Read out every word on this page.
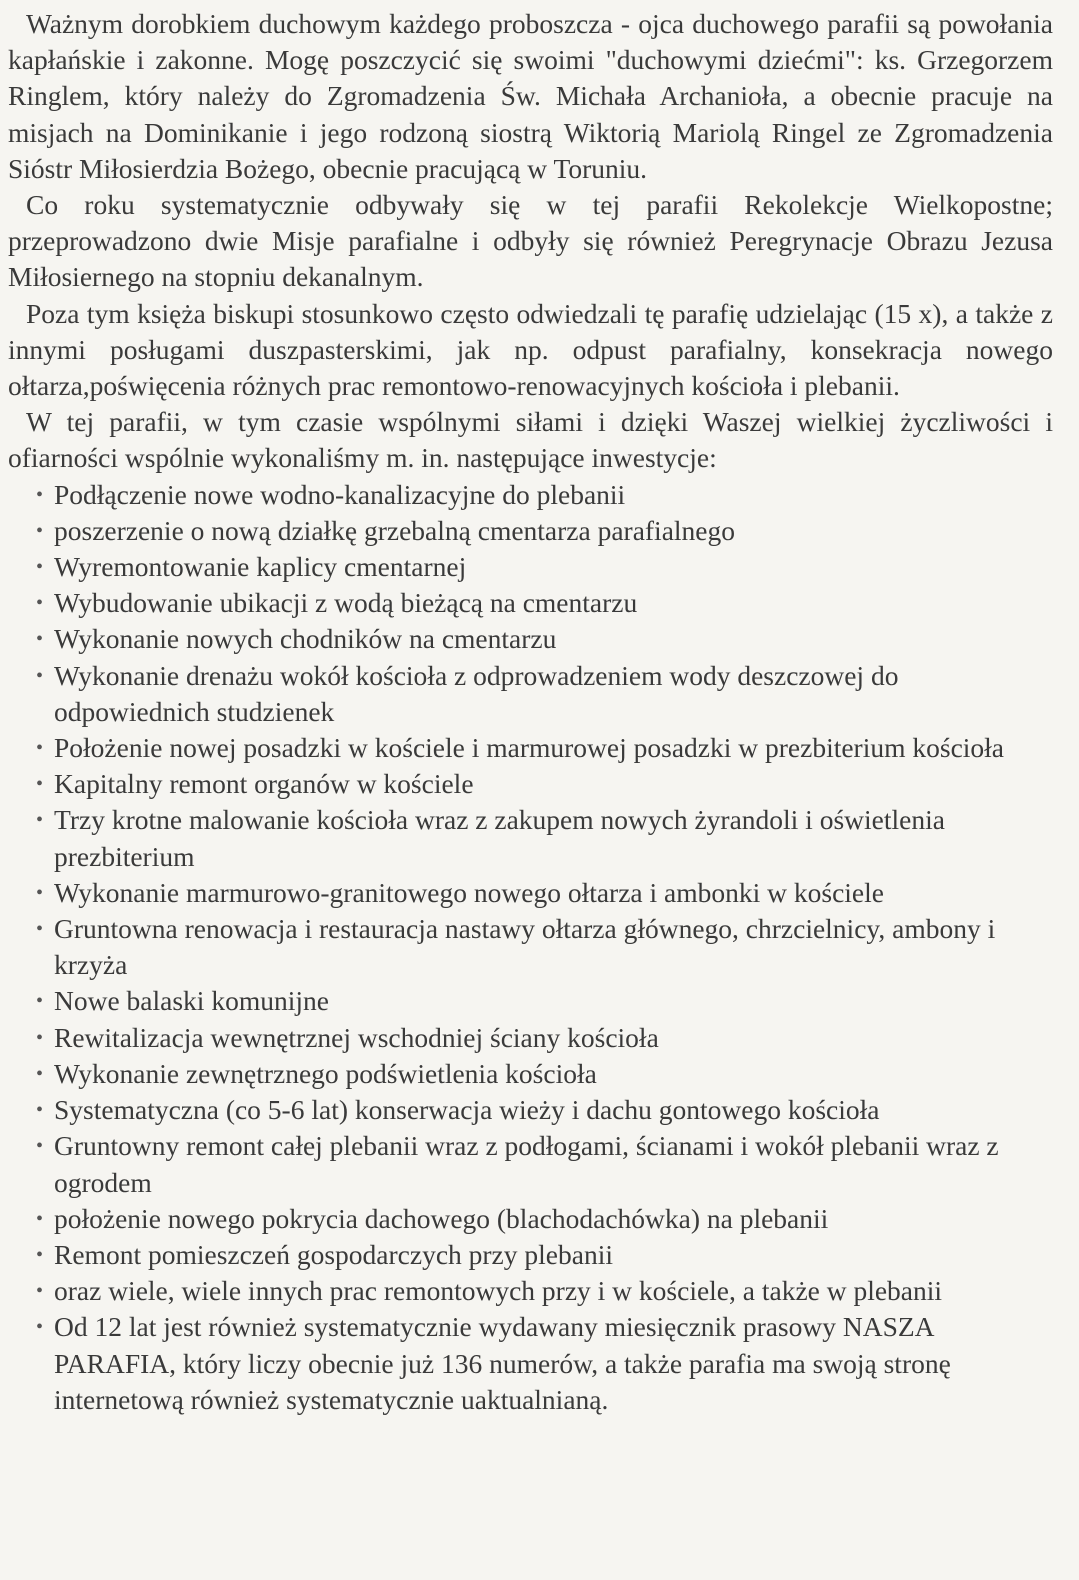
Ważnym dorobkiem duchowym każdego proboszcza - ojca duchowego parafii są powołania kapłańskie i zakonne. Mogę poszczycić się swoimi "duchowymi dziećmi": ks. Grzegorzem Ringlem, który należy do Zgromadzenia Św. Michała Archanioła, a obecnie pracuje na misjach na Dominikanie i jego rodzoną siostrą Wiktorią Mariolą Ringel ze Zgromadzenia Sióstr Miłosierdzia Bożego, obecnie pracującą w Toruniu.

Co roku systematycznie odbywały się w tej parafii Rekolekcje Wielkopostne; przeprowadzono dwie Misje parafialne i odbyły się również Peregrynacje Obrazu Jezusa Miłosiernego na stopniu dekanalnym.

Poza tym księża biskupi stosunkowo często odwiedzali tę parafię udzielając (15 x), a także z innymi posługami duszpasterskimi, jak np. odpust parafialny, konsekracja nowego ołtarza,poświęcenia różnych prac remontowo-renowacyjnych kościoła i plebanii.

W tej parafii, w tym czasie wspólnymi siłami i dzięki Waszej wielkiej życzliwości i ofiarności wspólnie wykonaliśmy m. in. następujące inwestycje:

• Podłączenie nowe wodno-kanalizacyjne do plebanii
• poszerzenie o nową działkę grzebalną cmentarza parafialnego
• Wyremontowanie kaplicy cmentarnej
• Wybudowanie ubikacji z wodą bieżącą na cmentarzu
• Wykonanie nowych chodników na cmentarzu
• Wykonanie drenażu wokół kościoła z odprowadzeniem wody deszczowej do odpowiednich studzienek
• Położenie nowej posadzki w kościele i marmurowej posadzki w prezbiterium kościoła
• Kapitalny remont organów w kościele
• Trzy krotne malowanie kościoła wraz z zakupem nowych żyrandoli i oświetlenia prezbiterium
• Wykonanie marmurowo-granitowego nowego ołtarza i ambonki w kościele
• Gruntowna renowacja i restauracja nastawy ołtarza głównego, chrzcielnicy, ambony i krzyża
• Nowe balaski komunijne
• Rewitalizacja wewnętrznej wschodniej ściany kościoła
• Wykonanie zewnętrznego podświetlenia kościoła
• Systematyczna (co 5-6 lat) konserwacja wieży i dachu gontowego kościoła
• Gruntowny remont całej plebanii wraz z podłogami, ścianami i wokół plebanii wraz z ogrodem
• położenie nowego pokrycia dachowego (blachodachówka) na plebanii
• Remont pomieszczeń gospodarczych przy plebanii
• oraz wiele, wiele innych prac remontowych przy i w kościele, a także w plebanii
• Od 12 lat jest również systematycznie wydawany miesięcznik prasowy NASZA PARAFIA, który liczy obecnie już 136 numerów, a także parafia ma swoją stronę internetową również systematycznie uaktualnianą.
